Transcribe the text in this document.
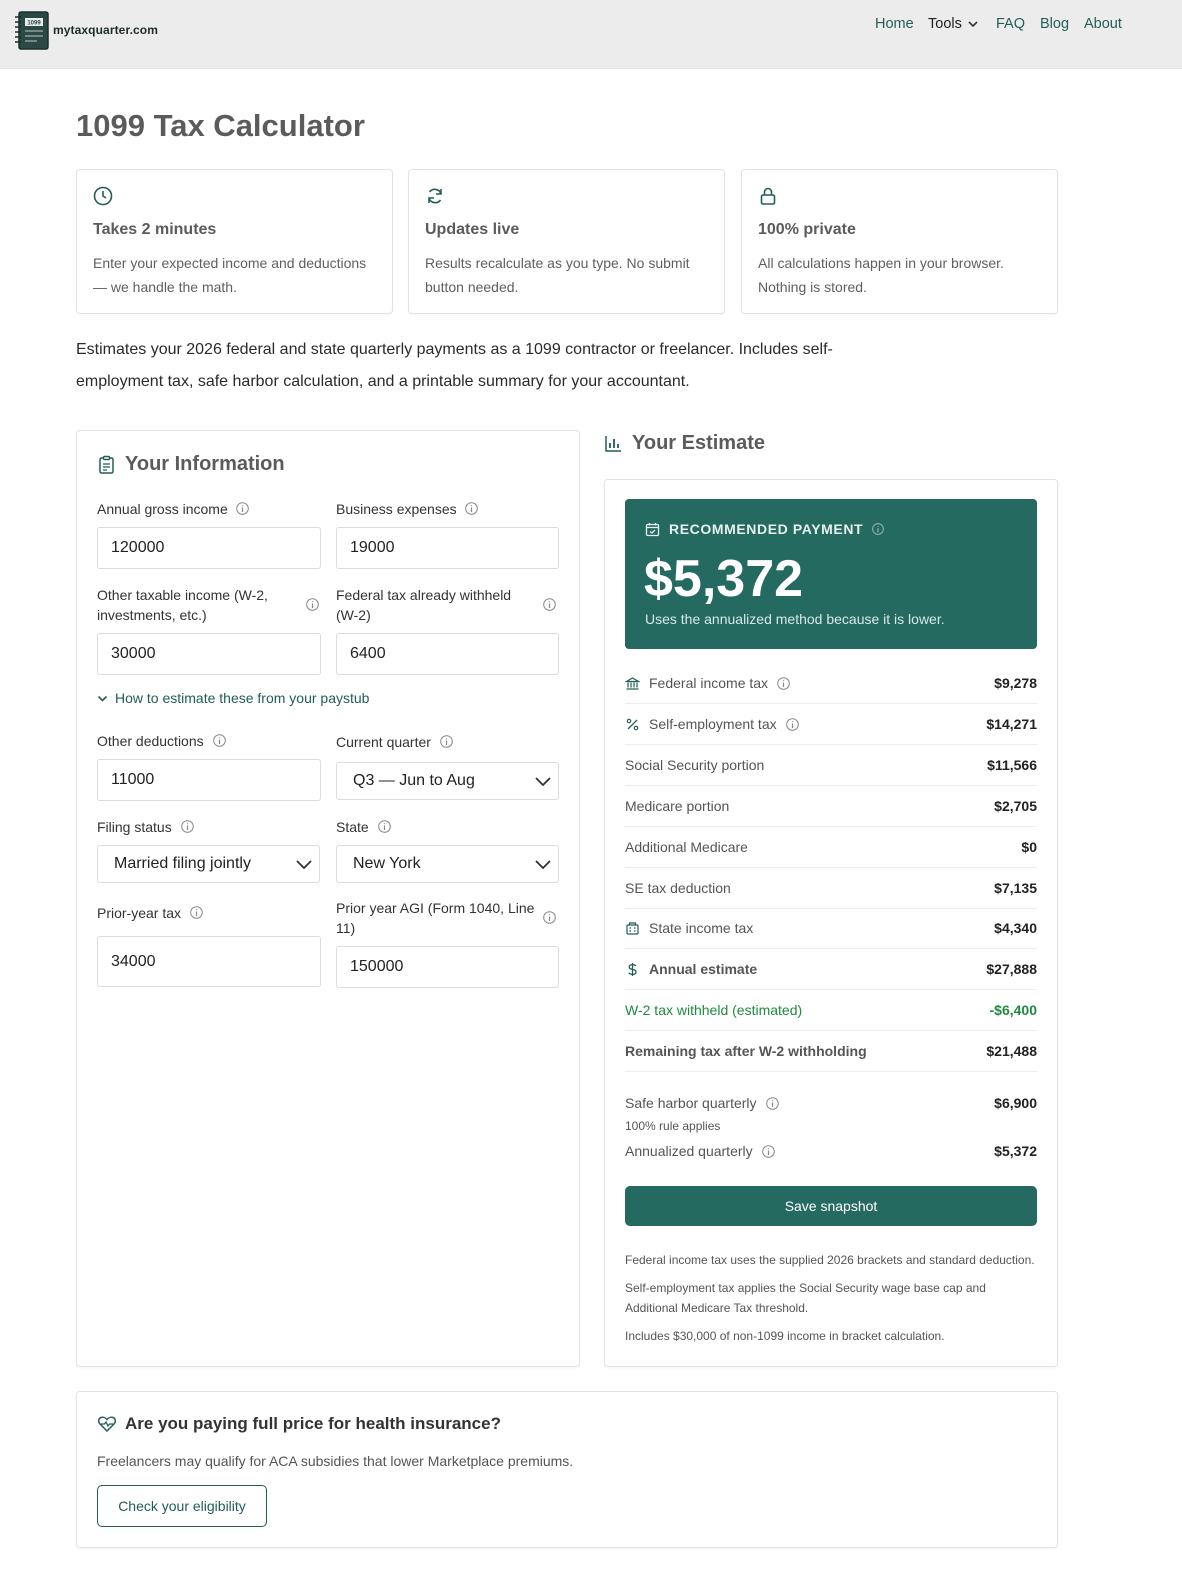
1099 mytaxquarter.com	Home Tools FAQ Blog About
1099 Tax Calculator
Takes 2 minutes
Enter your expected income and deductions — we handle the math.
Updates live
Results recalculate as you type. No submit button needed.
100% private
All calculations happen in your browser. Nothing is stored.

Estimates your 2026 federal and state quarterly payments as a 1099 contractor or freelancer. Includes self-employment tax, safe harbor calculation, and a printable summary for your accountant.

Your Information
Annual gross income
120000
Business expenses
19000
Other taxable income (W-2, investments, etc.)
30000
Federal tax already withheld (W-2)
6400
How to estimate these from your paystub
Other deductions
11000
Current quarter
Q3 — Jun to Aug
Filing status
Married filing jointly
State
New York
Prior-year tax
34000
Prior year AGI (Form 1040, Line 11)
150000
Your Estimate
RECOMMENDED PAYMENT
$5,372
Uses the annualized method because it is lower.
Federal income tax	$9,278
Self-employment tax	$14,271
Social Security portion	$11,566
Medicare portion	$2,705
Additional Medicare	$0
SE tax deduction	$7,135
State income tax	$4,340
Annual estimate	$27,888
W-2 tax withheld (estimated)	-$6,400
Remaining tax after W-2 withholding	$21,488
Safe harbor quarterly	$6,900
100% rule applies
Annualized quarterly	$5,372
Save snapshot

Federal income tax uses the supplied 2026 brackets and standard deduction.

Self-employment tax applies the Social Security wage base cap and Additional Medicare Tax threshold.

Includes $30,000 of non-1099 income in bracket calculation.

Are you paying full price for health insurance?
Freelancers may qualify for ACA subsidies that lower Marketplace premiums.
Check your eligibility
